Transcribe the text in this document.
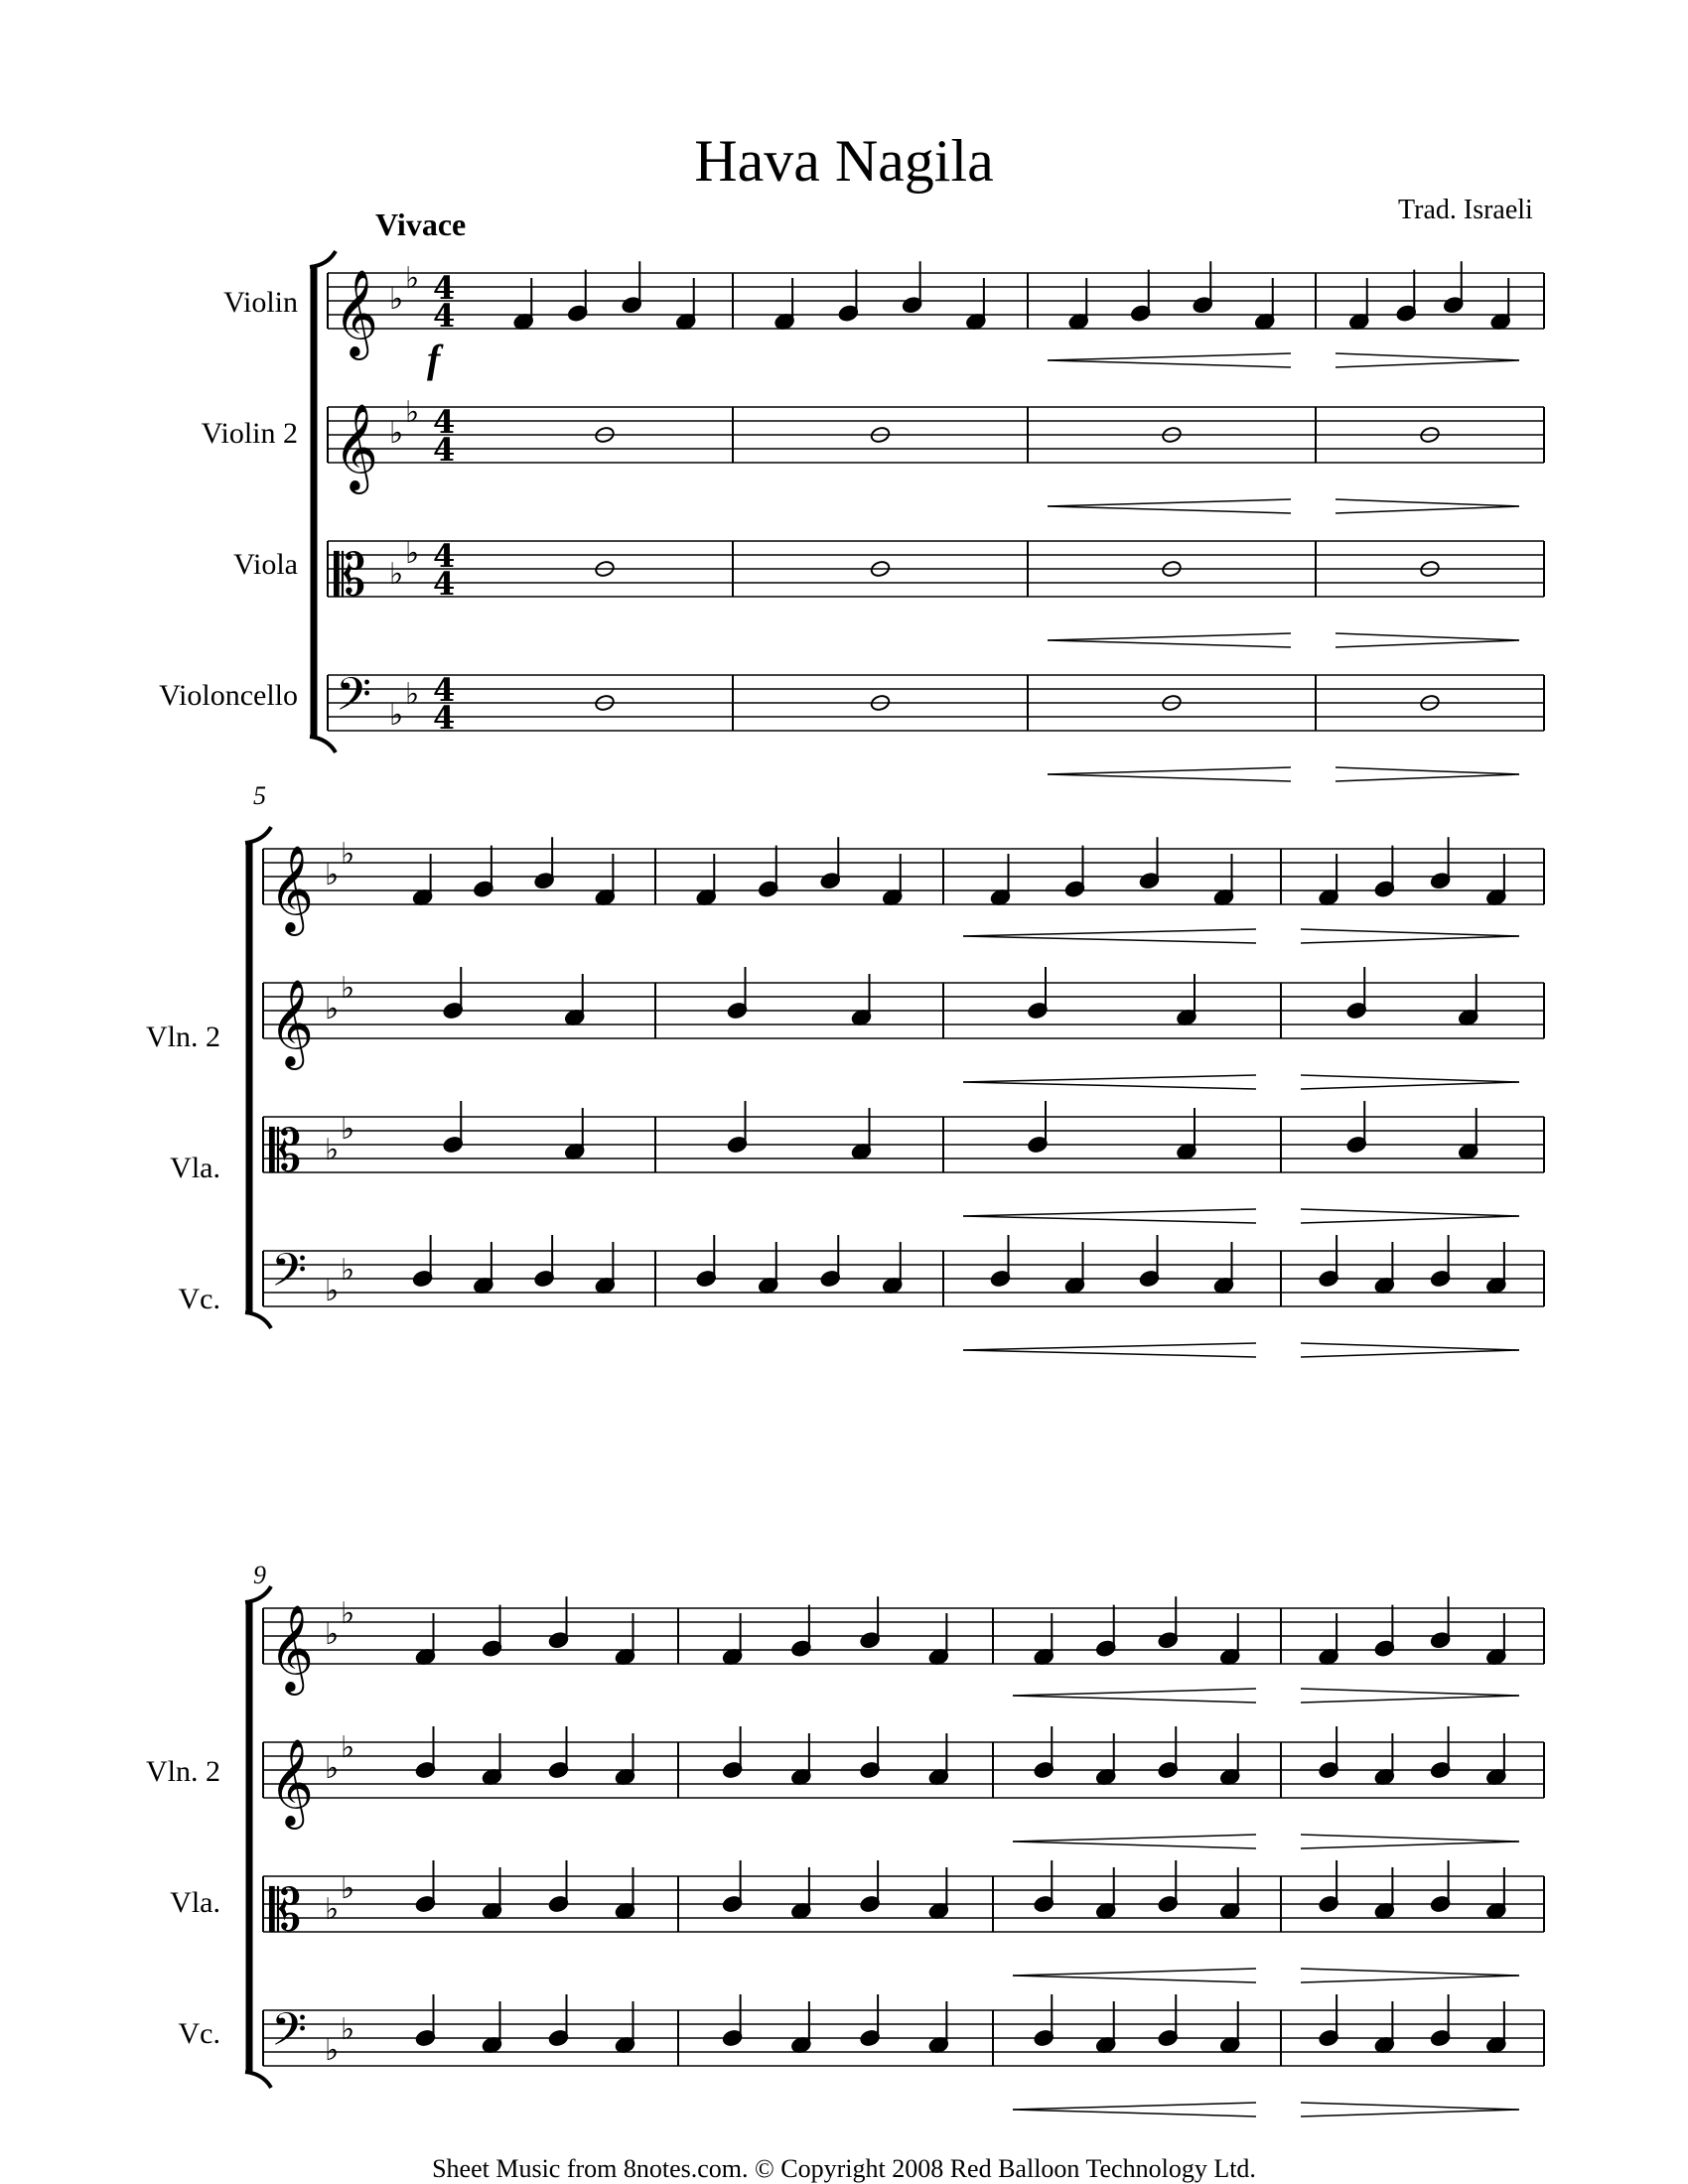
Hava Nagila
Trad. Israeli
Vivace
Violin
Violin 2
Viola
Violoncello
Vln. 2
Vla.
Vc.
Vln. 2
Vla.
Vc.
𝄞 ♭
♭ 4
4
𝄞 ♭
♭ 4
4
𝄡 ♭
♭ 4
4
𝄢 ♭
♭ 4
4
𝄞 ♭
♭
𝄞 ♭
♭
𝄡 ♭
♭
𝄢 ♭
♭
𝄞 ♭
♭
𝄞 ♭
♭
𝄡 ♭
♭
𝄢 ♭
♭
5
9
f
Sheet Music from 8notes.com. © Copyright 2008 Red Balloon Technology Ltd.
